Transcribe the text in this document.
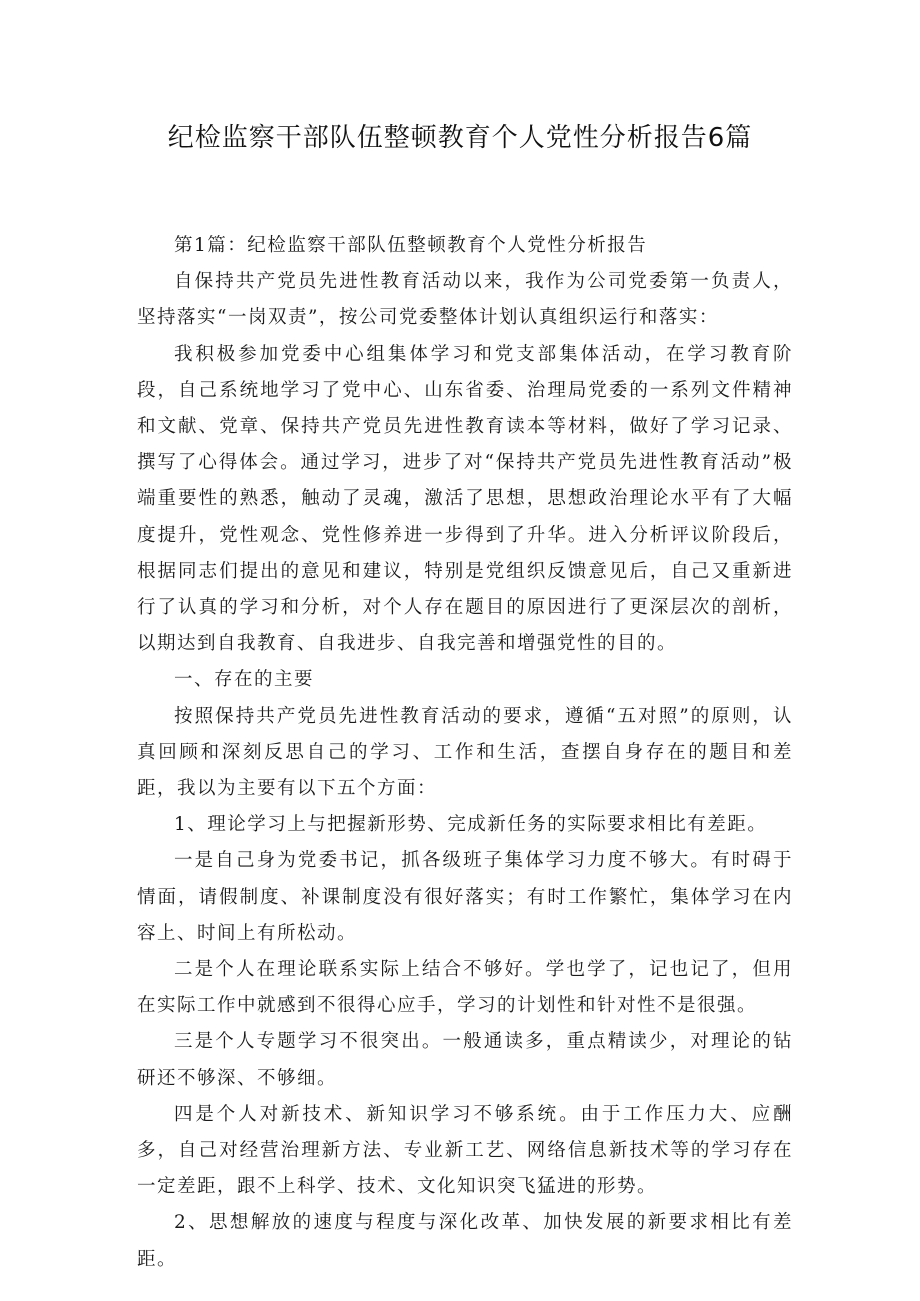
纪检监察干部队伍整顿教育个人党性分析报告6篇

第1篇：纪检监察干部队伍整顿教育个人党性分析报告

自保持共产党员先进性教育活动以来，我作为公司党委第一负责人，坚持落实“一岗双责”，按公司党委整体计划认真组织运行和落实：

我积极参加党委中心组集体学习和党支部集体活动，在学习教育阶段，自己系统地学习了党中心、山东省委、治理局党委的一系列文件精神和文献、党章、保持共产党员先进性教育读本等材料，做好了学习记录、撰写了心得体会。通过学习，进步了对“保持共产党员先进性教育活动”极端重要性的熟悉，触动了灵魂，激活了思想，思想政治理论水平有了大幅度提升，党性观念、党性修养进一步得到了升华。进入分析评议阶段后，根据同志们提出的意见和建议，特别是党组织反馈意见后，自己又重新进行了认真的学习和分析，对个人存在题目的原因进行了更深层次的剖析，以期达到自我教育、自我进步、自我完善和增强党性的目的。

一、存在的主要

按照保持共产党员先进性教育活动的要求，遵循“五对照”的原则，认真回顾和深刻反思自己的学习、工作和生活，查摆自身存在的题目和差距，我以为主要有以下五个方面：

1、理论学习上与把握新形势、完成新任务的实际要求相比有差距。

一是自己身为党委书记，抓各级班子集体学习力度不够大。有时碍于情面，请假制度、补课制度没有很好落实；有时工作繁忙，集体学习在内容上、时间上有所松动。

二是个人在理论联系实际上结合不够好。学也学了，记也记了，但用在实际工作中就感到不很得心应手，学习的计划性和针对性不是很强。

三是个人专题学习不很突出。一般通读多，重点精读少，对理论的钻研还不够深、不够细。

四是个人对新技术、新知识学习不够系统。由于工作压力大、应酬多，自己对经营治理新方法、专业新工艺、网络信息新技术等的学习存在一定差距，跟不上科学、技术、文化知识突飞猛进的形势。

2、思想解放的速度与程度与深化改革、加快发展的新要求相比有差距。
